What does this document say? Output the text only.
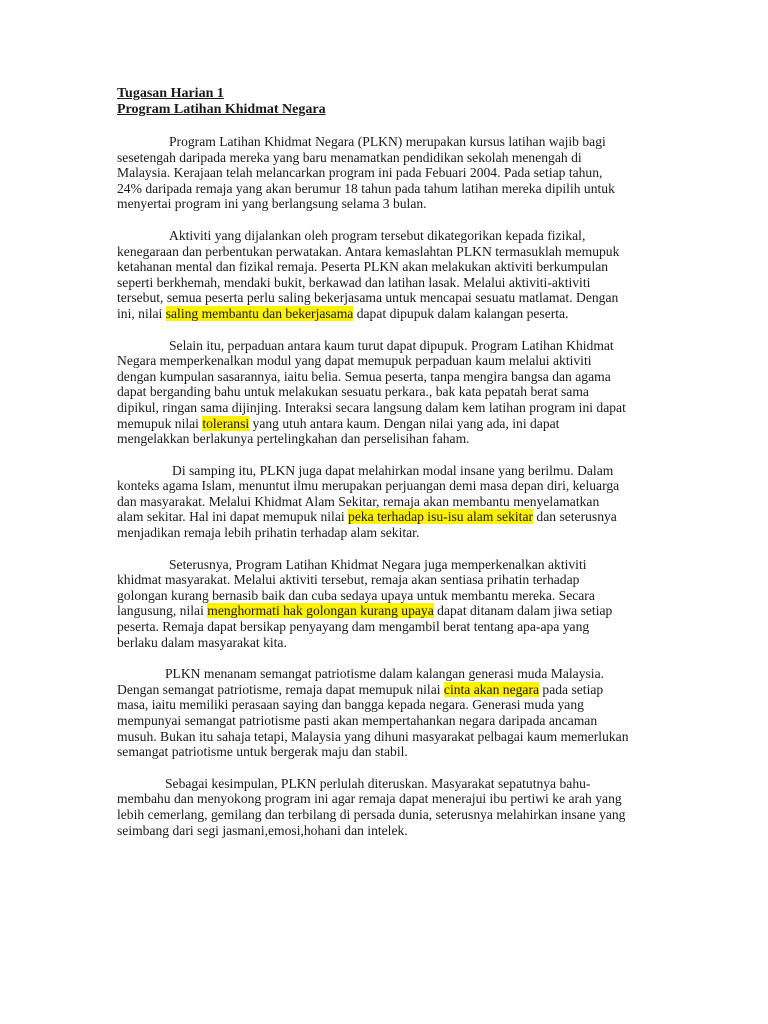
Tugasan Harian 1

Program Latihan Khidmat Negara

Program Latihan Khidmat Negara (PLKN) merupakan kursus latihan wajib bagi
sesetengah daripada mereka yang baru menamatkan pendidikan sekolah menengah di
Malaysia. Kerajaan telah melancarkan program ini pada Febuari 2004. Pada setiap tahun,
24% daripada remaja yang akan berumur 18 tahun pada tahum latihan mereka dipilih untuk
menyertai program ini yang berlangsung selama 3 bulan.

Aktiviti yang dijalankan oleh program tersebut dikategorikan kepada fizikal,
kenegaraan dan perbentukan perwatakan. Antara kemaslahtan PLKN termasuklah memupuk
ketahanan mental dan fizikal remaja. Peserta PLKN akan melakukan aktiviti berkumpulan
seperti berkhemah, mendaki bukit, berkawad dan latihan lasak. Melalui aktiviti-aktiviti
tersebut, semua peserta perlu saling bekerjasama untuk mencapai sesuatu matlamat. Dengan
ini, nilai saling membantu dan bekerjasama dapat dipupuk dalam kalangan peserta.

Selain itu, perpaduan antara kaum turut dapat dipupuk. Program Latihan Khidmat
Negara memperkenalkan modul yang dapat memupuk perpaduan kaum melalui aktiviti
dengan kumpulan sasarannya, iaitu belia. Semua peserta, tanpa mengira bangsa dan agama
dapat berganding bahu untuk melakukan sesuatu perkara., bak kata pepatah berat sama
dipikul, ringan sama dijinjing. Interaksi secara langsung dalam kem latihan program ini dapat
memupuk nilai toleransi yang utuh antara kaum. Dengan nilai yang ada, ini dapat
mengelakkan berlakunya pertelingkahan dan perselisihan faham.

Di samping itu, PLKN juga dapat melahirkan modal insane yang berilmu. Dalam
konteks agama Islam, menuntut ilmu merupakan perjuangan demi masa depan diri, keluarga
dan masyarakat. Melalui Khidmat Alam Sekitar, remaja akan membantu menyelamatkan
alam sekitar. Hal ini dapat memupuk nilai peka terhadap isu-isu alam sekitar dan seterusnya
menjadikan remaja lebih prihatin terhadap alam sekitar.

Seterusnya, Program Latihan Khidmat Negara juga memperkenalkan aktiviti
khidmat masyarakat. Melalui aktiviti tersebut, remaja akan sentiasa prihatin terhadap
golongan kurang bernasib baik dan cuba sedaya upaya untuk membantu mereka. Secara
langusung, nilai menghormati hak golongan kurang upaya dapat ditanam dalam jiwa setiap
peserta. Remaja dapat bersikap penyayang dam mengambil berat tentang apa-apa yang
berlaku dalam masyarakat kita.

PLKN menanam semangat patriotisme dalam kalangan generasi muda Malaysia.
Dengan semangat patriotisme, remaja dapat memupuk nilai cinta akan negara pada setiap
masa, iaitu memiliki perasaan saying dan bangga kepada negara. Generasi muda yang
mempunyai semangat patriotisme pasti akan mempertahankan negara daripada ancaman
musuh. Bukan itu sahaja tetapi, Malaysia yang dihuni masyarakat pelbagai kaum memerlukan
semangat patriotisme untuk bergerak maju dan stabil.

Sebagai kesimpulan, PLKN perlulah diteruskan. Masyarakat sepatutnya bahu-
membahu dan menyokong program ini agar remaja dapat menerajui ibu pertiwi ke arah yang
lebih cemerlang, gemilang dan terbilang di persada dunia, seterusnya melahirkan insane yang
seimbang dari segi jasmani,emosi,hohani dan intelek.
